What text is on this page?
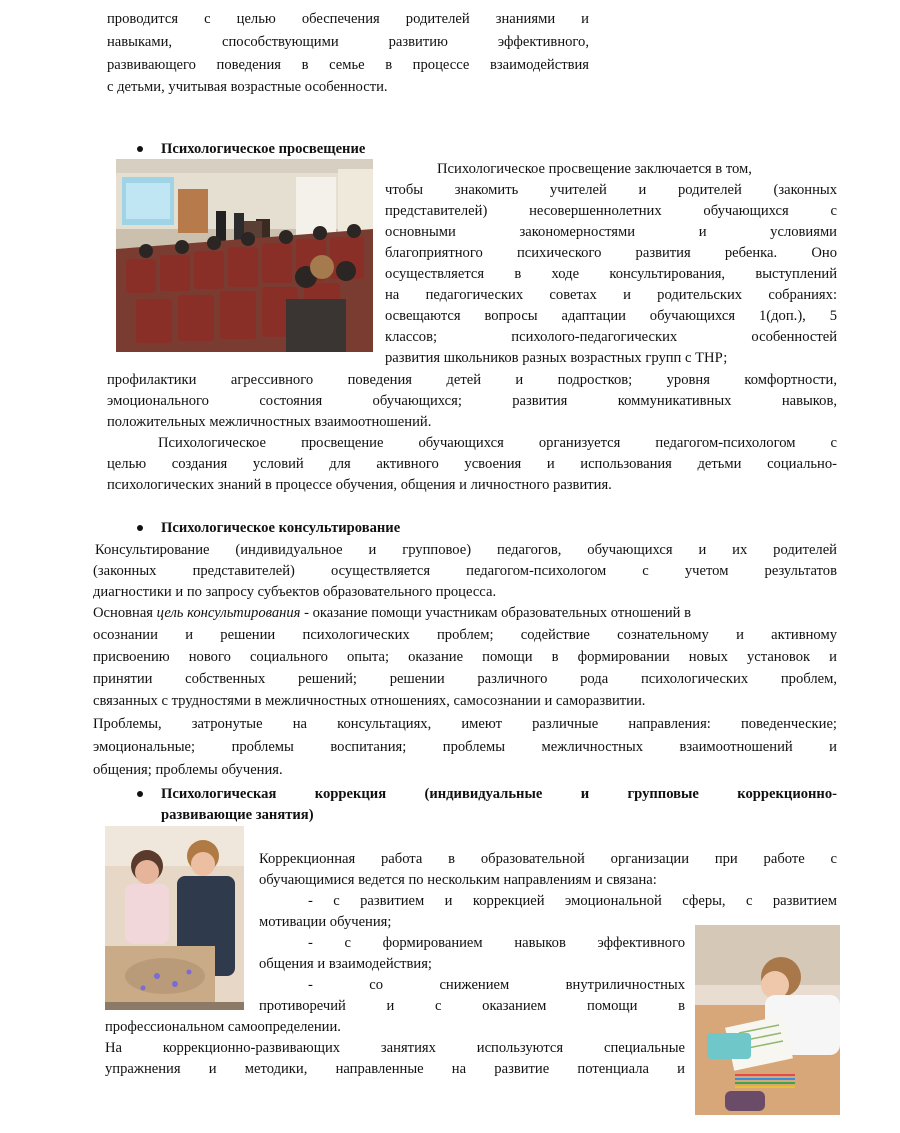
проводится с целью обеспечения родителей знаниями и
навыками, способствующими развитию эффективного,
развивающего поведения в семье в процессе взаимодействия
с детьми, учитывая возрастные особенности.
Психологическое просвещение
Психологическое просвещение заключается в том,
чтобы знакомить учителей и родителей (законных
представителей) несовершеннолетних обучающихся с
основными закономерностями и условиями
благоприятного психического развития ребенка. Оно
осуществляется в ходе консультирования, выступлений
на педагогических советах и родительских собраниях:
освещаются вопросы адаптации обучающихся 1(доп.), 5
классов; психолого-педагогических особенностей
развития школьников разных возрастных групп с ТНР;
профилактики агрессивного поведения детей и подростков; уровня комфортности,
эмоционального состояния обучающихся; развития коммуникативных навыков,
положительных межличностных взаимоотношений.
Психологическое просвещение обучающихся организуется педагогом-психологом с
целью создания условий для активного усвоения и использования детьми социально-
психологических знаний в процессе обучения, общения и личностного развития.
Психологическое консультирование
Консультирование (индивидуальное и групповое) педагогов, обучающихся и их родителей
(законных представителей) осуществляется педагогом-психологом с учетом результатов
диагностики и по запросу субъектов образовательного процесса.
Основная цель консультирования - оказание помощи участникам образовательных отношений в
осознании и решении психологических проблем; содействие сознательному и активному
присвоению нового социального опыта; оказание помощи в формировании новых установок и
принятии собственных решений; решении различного рода психологических проблем,
связанных с трудностями в межличностных отношениях, самосознании и саморазвитии.
Проблемы, затронутые на консультациях, имеют различные направления: поведенческие;
эмоциональные; проблемы воспитания; проблемы межличностных взаимоотношений и
общения; проблемы обучения.
Психологическая коррекция (индивидуальные и групповые коррекционно-
развивающие занятия)
Коррекционная работа в образовательной организации при работе с
обучающимися ведется по нескольким направлениям и связана:
- с развитием и коррекцией эмоциональной сферы, с развитием
мотивации обучения;
- с формированием навыков эффективного
общения и взаимодействия;
- со снижением внутриличностных
противоречий и с оказанием помощи в
профессиональном самоопределении.
На коррекционно-развивающих занятиях используются специальные
упражнения и методики, направленные на развитие потенциала и
